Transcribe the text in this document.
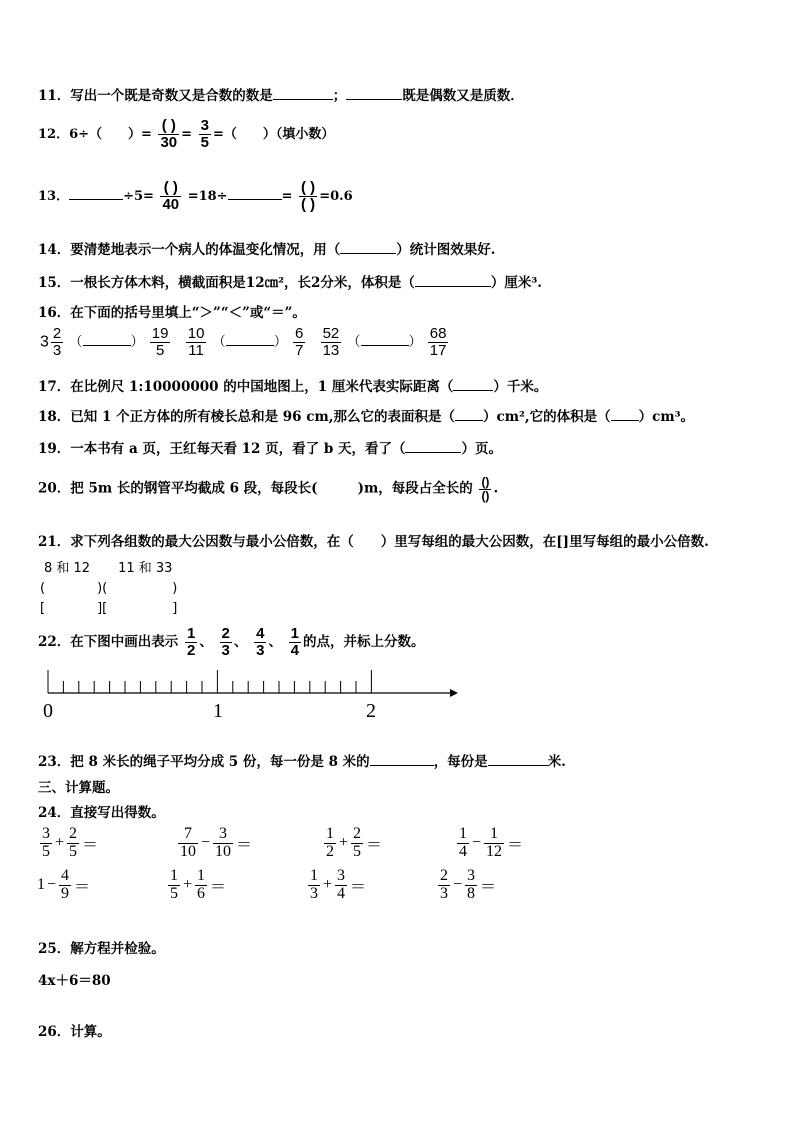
11．写出一个既是奇数又是合数的数是	；	既是偶数又是质数．
12．6÷（　　）= $\frac{( )}{30} = \frac{3}{5}$ =（　　）（填小数）
13．	$\div 5= \frac{( )}{40} =18\div$	= $\frac{( )}{( )} =0.6$
14．要清楚地表示一个病人的体温变化情况，用（	）统计图效果好.
15．一根长方体木料，横截面积是12㎝²，长2分米，体积是（	）厘米³.
16．在下面的括号里填上“＞”“＜”或“＝”。
$3 \frac{2}{3}$ （	） $\frac{19}{5}$
$\frac{10}{11}$ （	） $\frac{6}{7}$
$\frac{52}{13}$ （	） $\frac{68}{17}$
17．在比例尺 1:10000000 的中国地图上，1 厘米代表实际距离（	）千米。
18．已知 1 个正方体的所有棱长总和是 96 cm,那么它的表面积是（ ）cm²,它的体积是（ ）cm³。
19．一本书有 a 页，王红每天看 12 页，看了 b 天，看了（	）页。
20．把 5m 长的钢管平均截成 6 段，每段长(	)m，每段占全长的 $\frac{()}{()}$ .
21．求下列各组数的最大公因数与最小公倍数，在（　　）里写每组的最大公因数，在[]里写每组的最小公倍数.
8 和 12 11 和 33
(　　　　)(　　　　　)
[　　　　][　　　　　]
22．在下图中画出表示 $\frac{1}{2}$ 、 $\frac{2}{3}$ 、 $\frac{4}{3}$ 、 $\frac{1}{4}$ 的点，并标上分数。
0	1	2
23．把 8 米长的绳子平均分成 5 份，每一份是 8 米的	，每份是	米.
三、计算题。
24．直接写出得数。
$\frac{3}{5} + \frac{2}{5}$ ＝	$\frac{7}{10} - \frac{3}{10}$ ＝	$\frac{1}{2} + \frac{2}{5}$ ＝	$\frac{1}{4} - \frac{1}{12}$ ＝
$1 - \frac{4}{9}$ ＝	$\frac{1}{5} + \frac{1}{6}$ ＝	$\frac{1}{3} + \frac{3}{4}$ ＝	$\frac{2}{3} - \frac{3}{8}$ ＝
25．解方程并检验。
4x＋6＝80
26．计算。
